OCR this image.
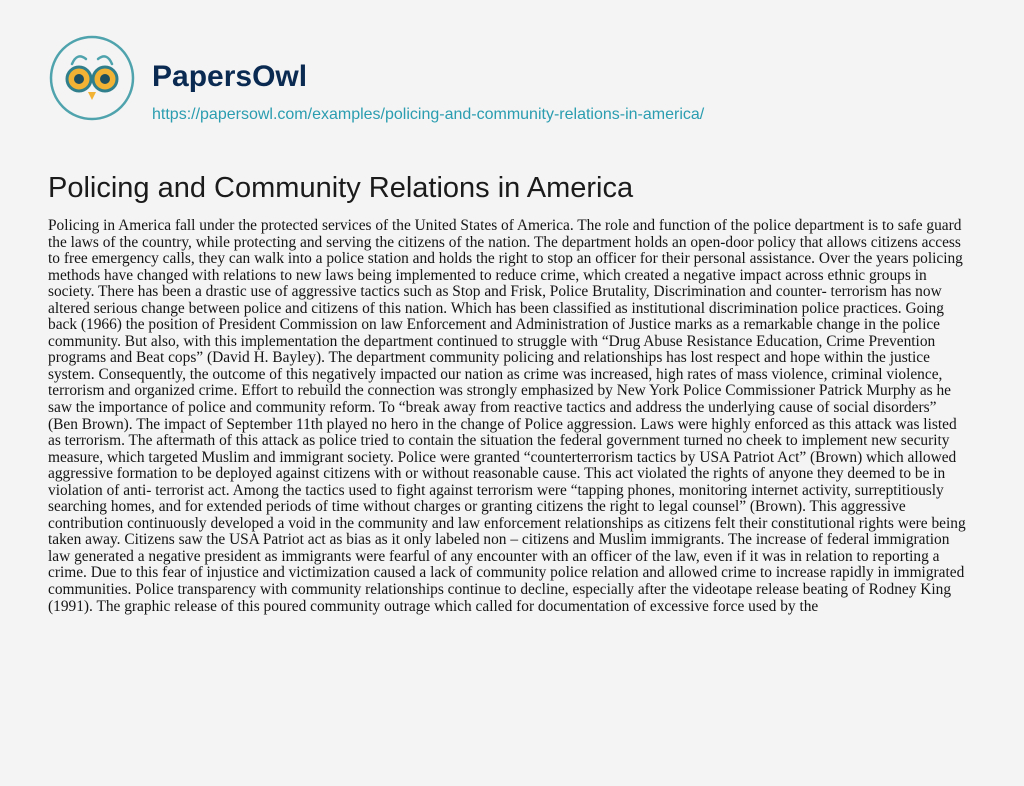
PapersOwl
https://papersowl.com/examples/policing-and-community-relations-in-america/
Policing and Community Relations in America

Policing in America fall under the protected services of the United States of America. The role and function of the police department is to safe guard the laws of the country, while protecting and serving the citizens of the nation. The department holds an open-door policy that allows citizens access to free emergency calls, they can walk into a police station and holds the right to stop an officer for their personal assistance. Over the years policing methods have changed with relations to new laws being implemented to reduce crime, which created a negative impact across ethnic groups in society. There has been a drastic use of aggressive tactics such as Stop and Frisk, Police Brutality, Discrimination and counter- terrorism has now altered serious change between police and citizens of this nation. Which has been classified as institutional discrimination police practices. Going back (1966) the position of President Commission on law Enforcement and Administration of Justice marks as a remarkable change in the police community. But also, with this implementation the department continued to struggle with “Drug Abuse Resistance Education, Crime Prevention programs and Beat cops” (David H. Bayley). The department community policing and relationships has lost respect and hope within the justice system. Consequently, the outcome of this negatively impacted our nation as crime was increased, high rates of mass violence, criminal violence, terrorism and organized crime. Effort to rebuild the connection was strongly emphasized by New York Police Commissioner Patrick Murphy as he saw the importance of police and community reform. To “break away from reactive tactics and address the underlying cause of social disorders” (Ben Brown). The impact of September 11th played no hero in the change of Police aggression. Laws were highly enforced as this attack was listed as terrorism. The aftermath of this attack as police tried to contain the situation the federal government turned no cheek to implement new security measure, which targeted Muslim and immigrant society. Police were granted “counterterrorism tactics by USA Patriot Act” (Brown) which allowed aggressive formation to be deployed against citizens with or without reasonable cause. This act violated the rights of anyone they deemed to be in violation of anti- terrorist act. Among the tactics used to fight against terrorism were “tapping phones, monitoring internet activity, surreptitiously searching homes, and for extended periods of time without charges or granting citizens the right to legal counsel” (Brown). This aggressive contribution continuously developed a void in the community and law enforcement relationships as citizens felt their constitutional rights were being taken away. Citizens saw the USA Patriot act as bias as it only labeled non – citizens and Muslim immigrants. The increase of federal immigration law generated a negative president as immigrants were fearful of any encounter with an officer of the law, even if it was in relation to reporting a crime. Due to this fear of injustice and victimization caused a lack of community police relation and allowed crime to increase rapidly in immigrated communities. Police transparency with community relationships continue to decline, especially after the videotape release beating of Rodney King (1991). The graphic release of this poured community outrage which called for documentation of excessive force used by the
